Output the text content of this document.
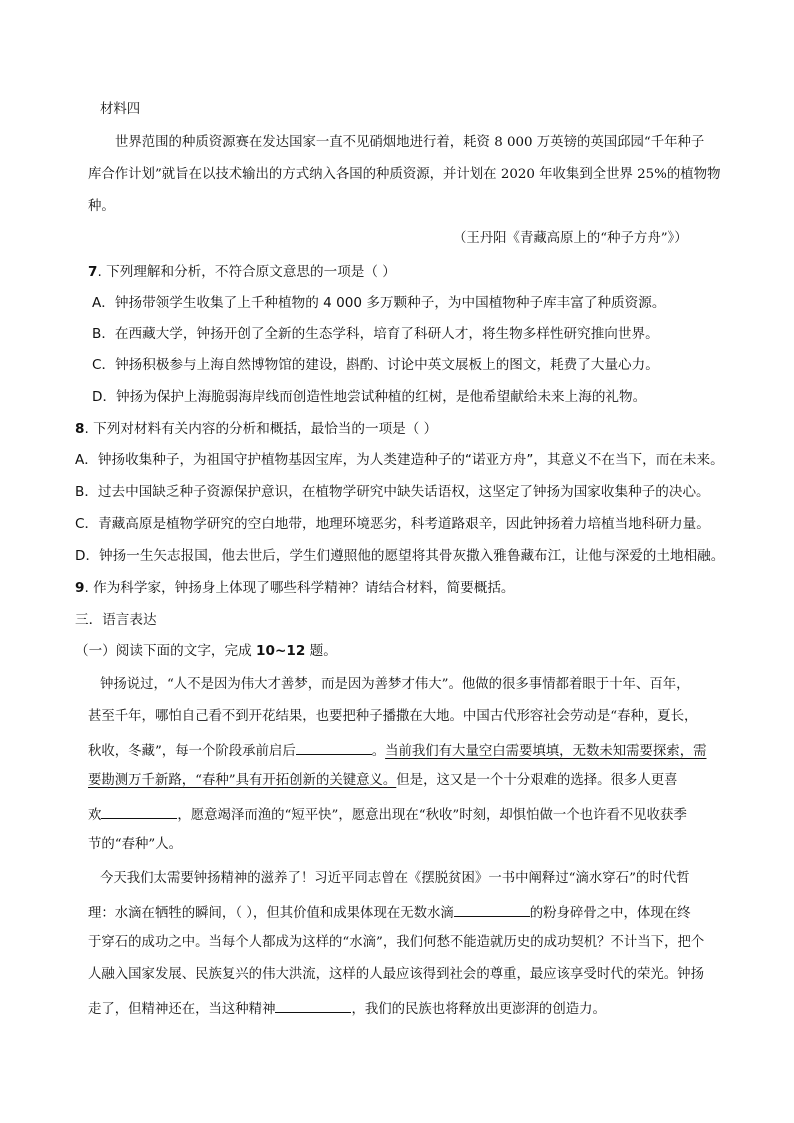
材料四
世界范围的种质资源赛在发达国家一直不见硝烟地进行着，耗资 8 000 万英镑的英国邱园“千年种子
库合作计划”就旨在以技术输出的方式纳入各国的种质资源，并计划在 2020 年收集到全世界 25%的植物物
种。
（王丹阳《青藏高原上的“种子方舟”》）
7. 下列理解和分析，不符合原文意思的一项是（ ）
A．钟扬带领学生收集了上千种植物的 4 000 多万颗种子，为中国植物种子库丰富了种质资源。
B．在西藏大学，钟扬开创了全新的生态学科，培育了科研人才，将生物多样性研究推向世界。
C．钟扬积极参与上海自然博物馆的建设，斟酌、讨论中英文展板上的图文，耗费了大量心力。
D．钟扬为保护上海脆弱海岸线而创造性地尝试种植的红树，是他希望献给未来上海的礼物。
8. 下列对材料有关内容的分析和概括，最恰当的一项是（ ）
A．钟扬收集种子，为祖国守护植物基因宝库，为人类建造种子的“诺亚方舟”，其意义不在当下，而在未来。
B．过去中国缺乏种子资源保护意识，在植物学研究中缺失话语权，这坚定了钟扬为国家收集种子的决心。
C．青藏高原是植物学研究的空白地带，地理环境恶劣，科考道路艰辛，因此钟扬着力培植当地科研力量。
D．钟扬一生矢志报国，他去世后，学生们遵照他的愿望将其骨灰撒入雅鲁藏布江，让他与深爱的土地相融。
9. 作为科学家，钟扬身上体现了哪些科学精神？请结合材料，简要概括。
三．语言表达
（一）阅读下面的文字，完成 10~12 题。
钟扬说过，“人不是因为伟大才善梦，而是因为善梦才伟大”。他做的很多事情都着眼于十年、百年，
甚至千年，哪怕自己看不到开花结果，也要把种子播撒在大地。中国古代形容社会劳动是“春种，夏长，
秋收，冬藏”，每一个阶段承前启后	。当前我们有大量空白需要填填，无数未知需要探索，需
要勘测万千新路，“春种”具有开拓创新的关键意义。但是，这又是一个十分艰难的选择。很多人更喜
欢	，愿意竭泽而渔的“短平快”，愿意出现在“秋收”时刻，却惧怕做一个也许看不见收获季
节的“春种”人。
今天我们太需要钟扬精神的滋养了！习近平同志曾在《摆脱贫困》一书中阐释过“滴水穿石”的时代哲
理：水滴在牺牲的瞬间，（ ），但其价值和成果体现在无数水滴	的粉身碎骨之中，体现在终
于穿石的成功之中。当每个人都成为这样的“水滴”，我们何愁不能造就历史的成功契机？不计当下，把个
人融入国家发展、民族复兴的伟大洪流，这样的人最应该得到社会的尊重，最应该享受时代的荣光。钟扬
走了，但精神还在，当这种精神	，我们的民族也将释放出更澎湃的创造力。
